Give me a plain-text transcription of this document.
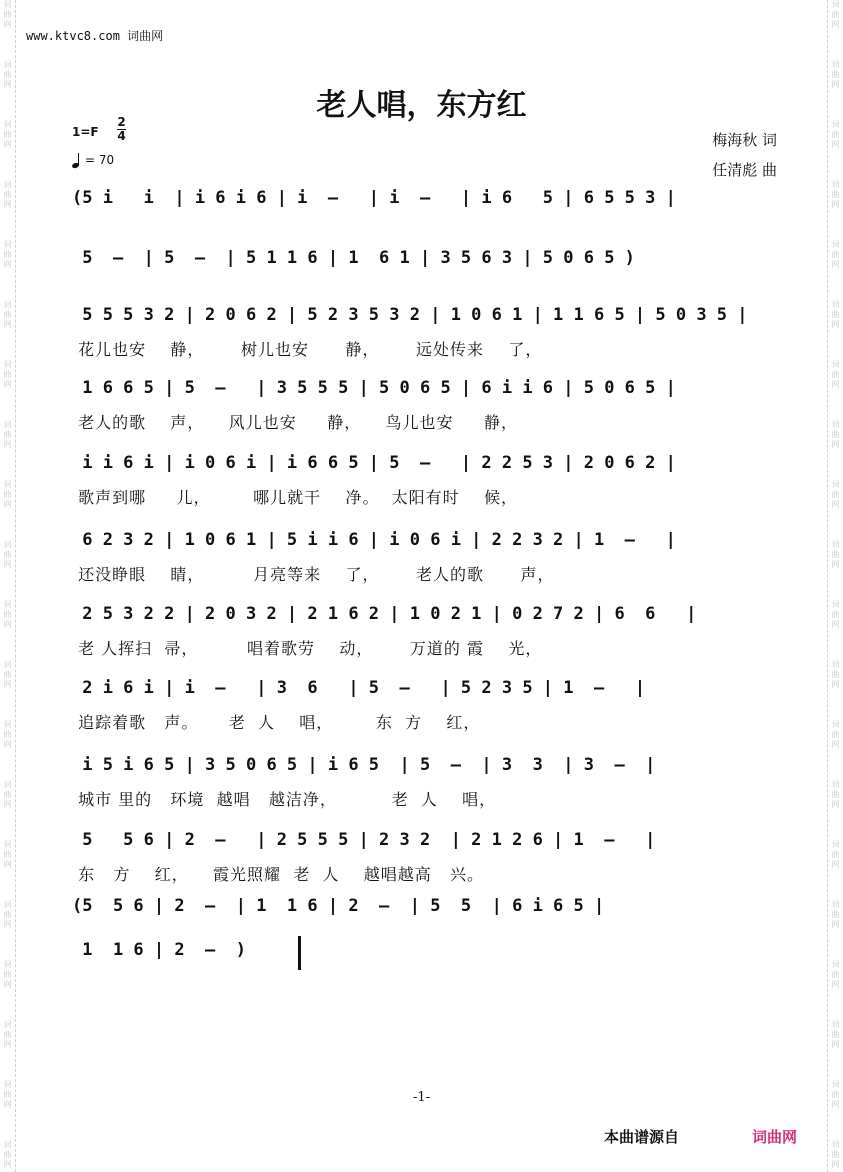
词曲网
词曲网
词曲网
词曲网
词曲网
词曲网
词曲网
词曲网
词曲网
词曲网
词曲网
词曲网
词曲网
词曲网
词曲网
词曲网
词曲网
词曲网
词曲网
词曲网
词曲网
词曲网
词曲网
词曲网
词曲网
词曲网
词曲网
词曲网
词曲网
词曲网
词曲网
词曲网
词曲网
词曲网
词曲网
词曲网
词曲网
词曲网
词曲网
词曲网
www.ktvc8.com 词曲网
老人唱，东方红
1=F
2
4
= 70
梅海秋 词
任清彪 曲
(5 i   i  | i 6 i 6 | i  –   | i  –   | i 6   5 | 6 5 5 3 |
5  –  | 5  –  | 5 1 1 6 | 1  6 1 | 3 5 6 3 | 5 0 6 5 )
5 5 5 3 2 | 2 0 6 2 | 5 2 3 5 3 2 | 1 0 6 1 | 1 1 6 5 | 5 0 3 5 |
花儿也安    静，      树儿也安      静，      远处传来    了，
1 6 6 5 | 5  –   | 3 5 5 5 | 5 0 6 5 | 6 i i 6 | 5 0 6 5 |
老人的歌    声，    风儿也安     静，    鸟儿也安     静，
i i 6 i | i 0 6 i | i 6 6 5 | 5  –   | 2 2 5 3 | 2 0 6 2 |
歌声到哪     儿，       哪儿就干    净。  太阳有时    候，
6 2 3 2 | 1 0 6 1 | 5 i i 6 | i 0 6 i | 2 2 3 2 | 1  –   |
还没睁眼    睛，        月亮等来    了，      老人的歌      声，
2 5 3 2 2 | 2 0 3 2 | 2 1 6 2 | 1 0 2 1 | 0 2 7 2 | 6  6   |
老 人挥扫  帚，        唱着歌劳    动，      万道的 霞    光，
2 i 6 i | i  –   | 3  6   | 5  –   | 5 2 3 5 | 1  –   |
追踪着歌   声。     老  人    唱，       东  方    红，
i 5 i 6 5 | 3 5 0 6 5 | i 6 5  | 5  –  | 3  3  | 3  –  |
城市 里的   环境  越唱   越洁净，         老  人    唱，
5   5 6 | 2  –   | 2 5 5 5 | 2 3 2  | 2 1 2 6 | 1  –   |
东   方    红，    霞光照耀  老  人    越唱越高   兴。
(5  5 6 | 2  –  | 1  1 6 | 2  –  | 5  5  | 6 i 6 5 |
1  1 6 | 2  –  )
-1-
本曲谱源自	词曲网
